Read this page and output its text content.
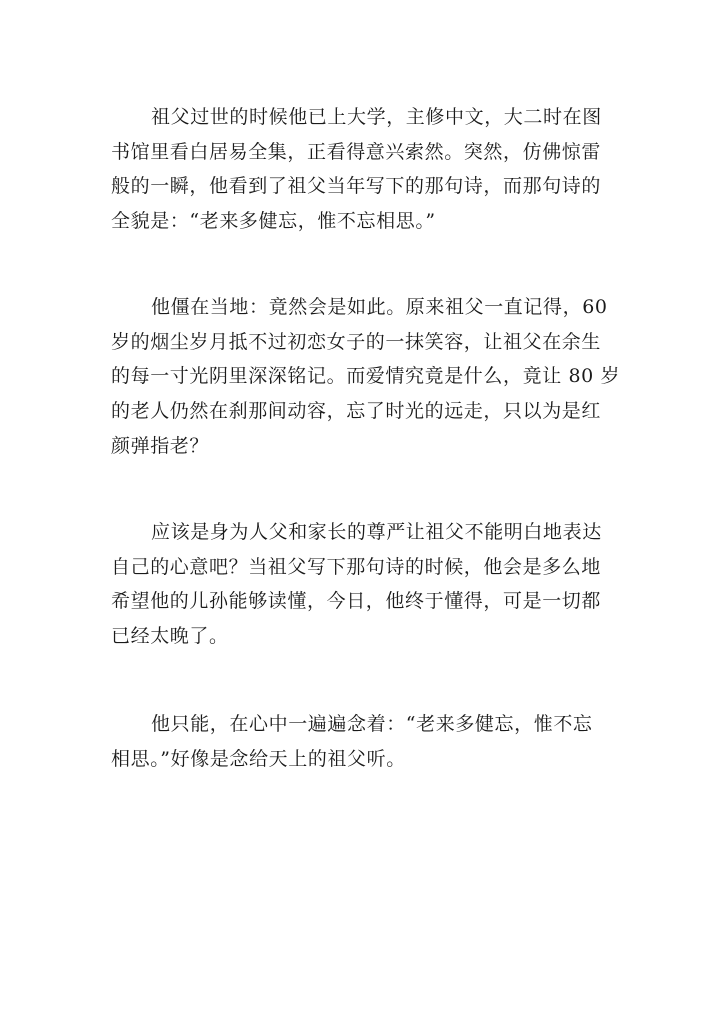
祖父过世的时候他已上大学，主修中文，大二时在图
书馆里看白居易全集，正看得意兴索然。突然，仿佛惊雷
般的一瞬，他看到了祖父当年写下的那句诗，而那句诗的
全貌是：“老来多健忘，惟不忘相思。”
他僵在当地：竟然会是如此。原来祖父一直记得，60
岁的烟尘岁月抵不过初恋女子的一抹笑容，让祖父在余生
的每一寸光阴里深深铭记。而爱情究竟是什么，竟让 80 岁
的老人仍然在刹那间动容，忘了时光的远走，只以为是红
颜弹指老？
应该是身为人父和家长的尊严让祖父不能明白地表达
自己的心意吧？当祖父写下那句诗的时候，他会是多么地
希望他的儿孙能够读懂，今日，他终于懂得，可是一切都
已经太晚了。
他只能，在心中一遍遍念着：“老来多健忘，惟不忘
相思。”好像是念给天上的祖父听。
